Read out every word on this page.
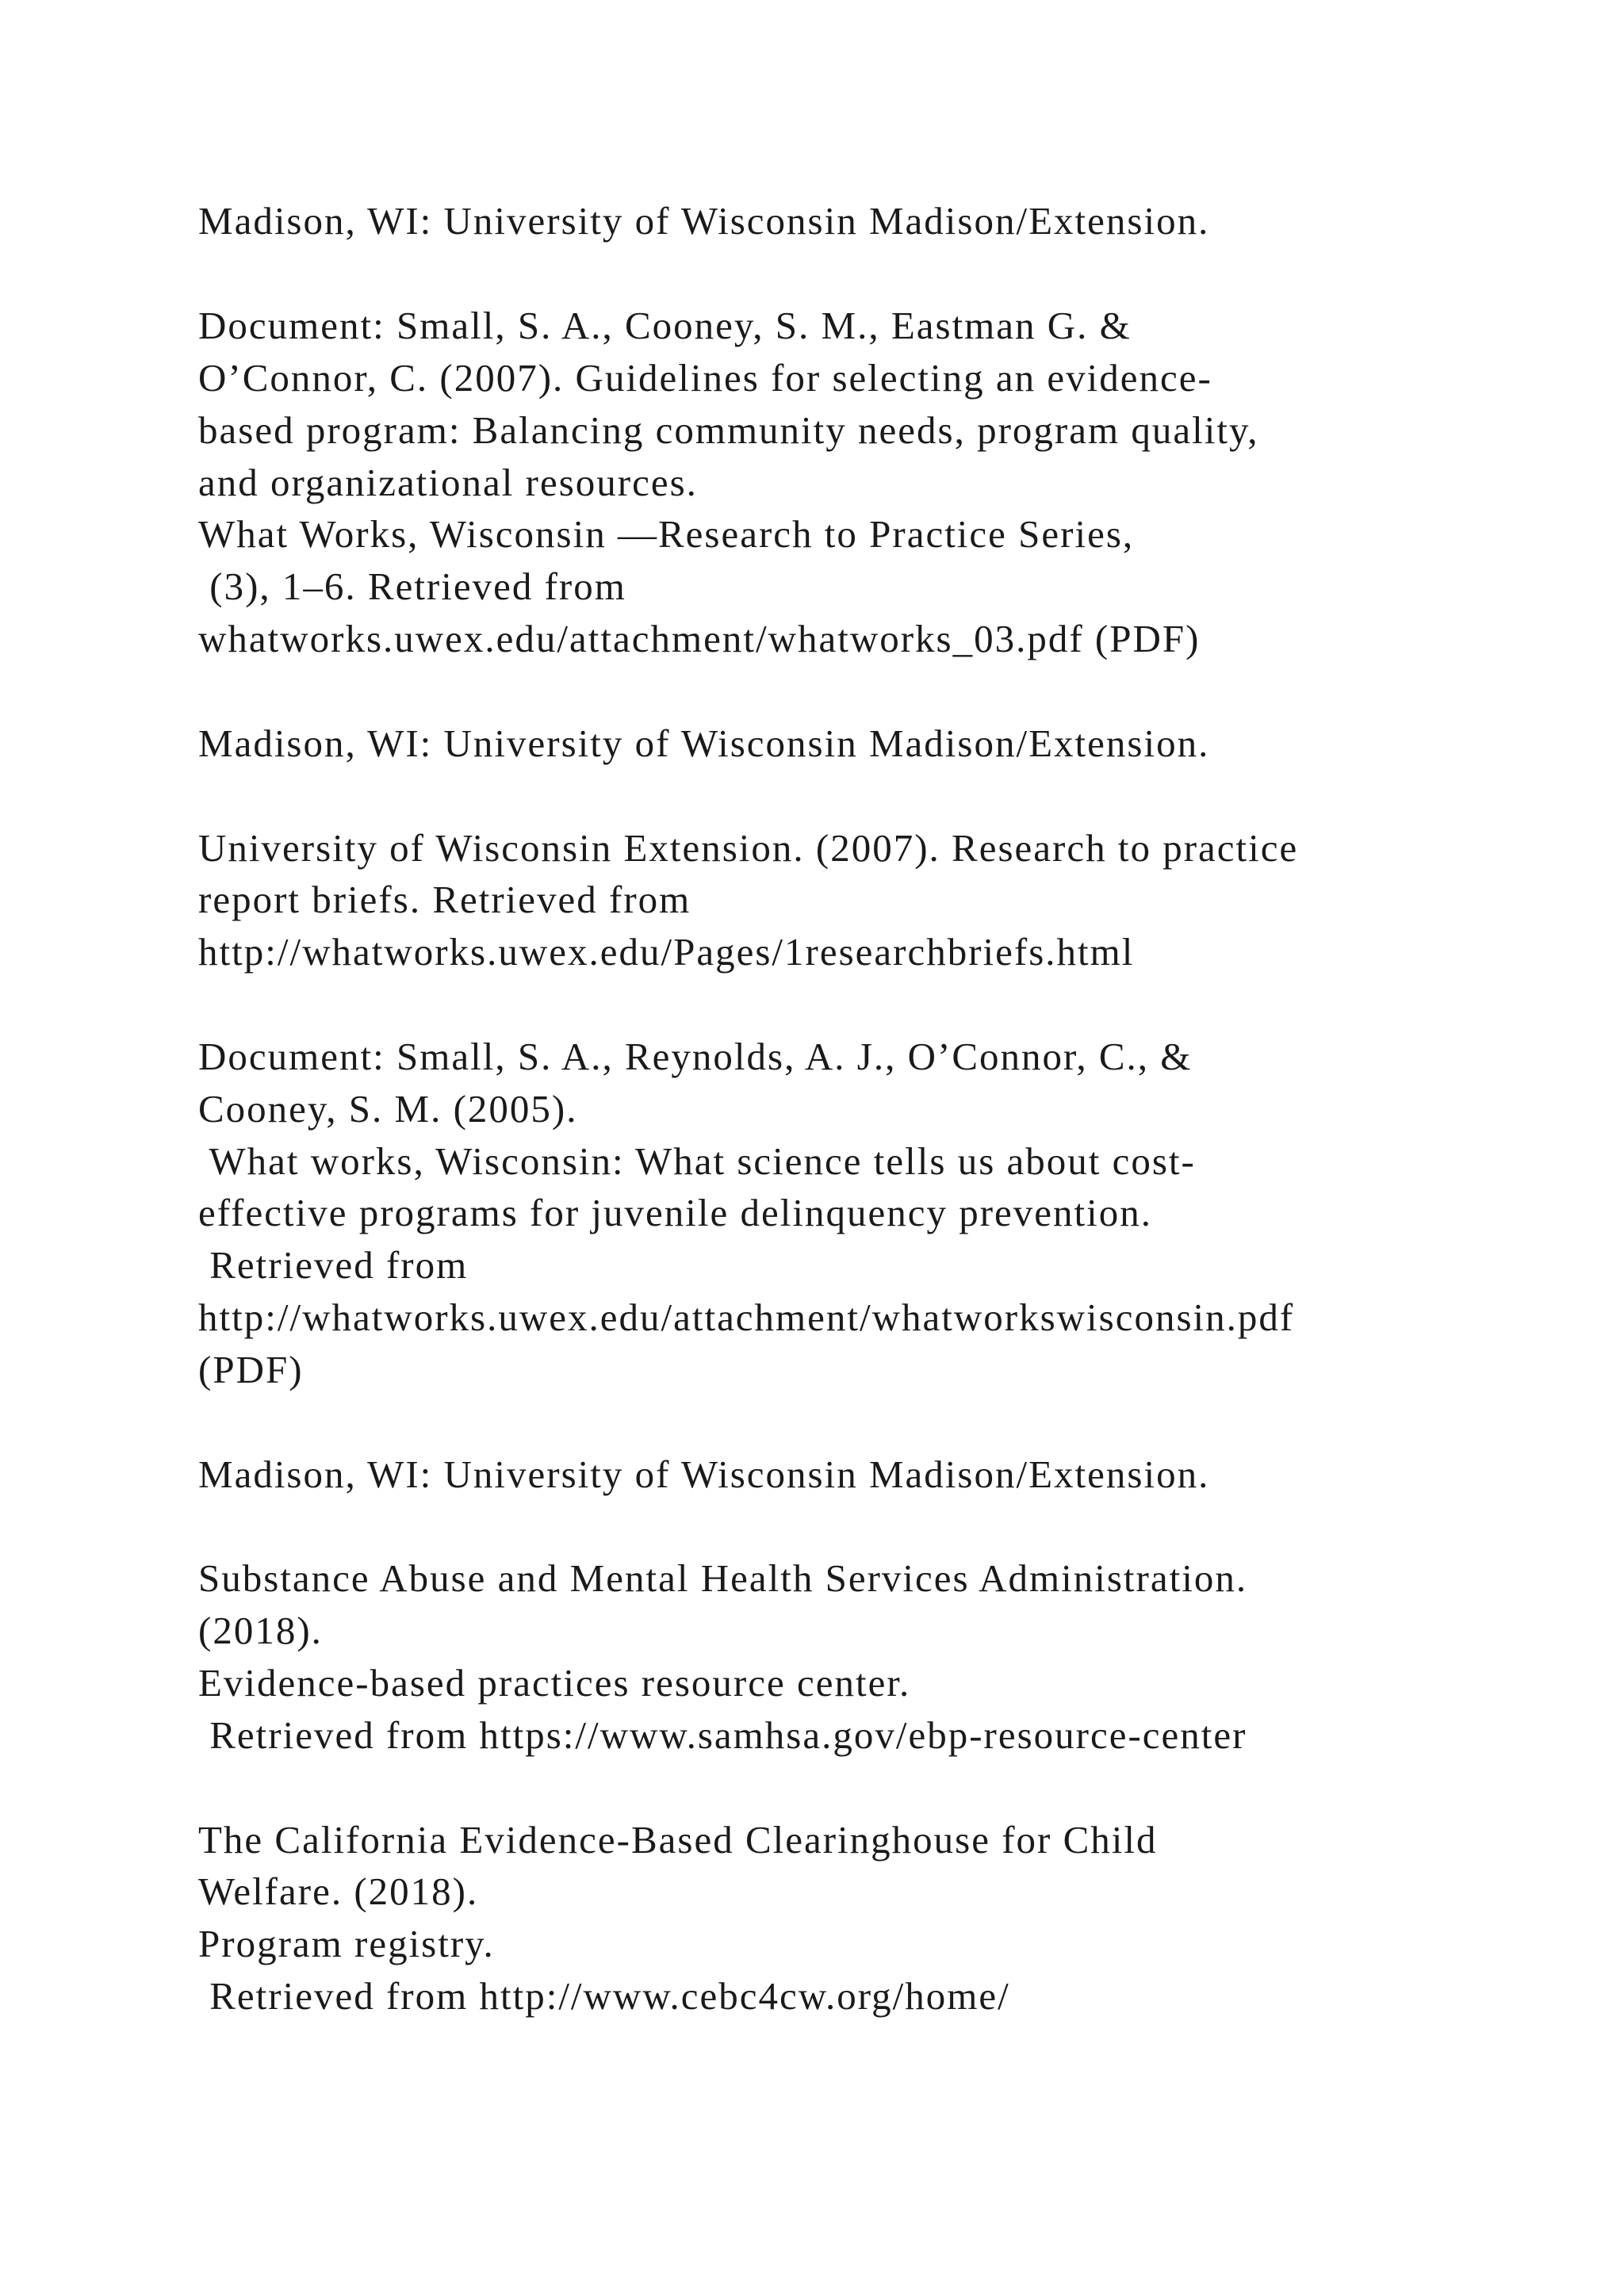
Madison, WI: University of Wisconsin Madison/Extension.

Document: Small, S. A., Cooney, S. M., Eastman G. &

O’Connor, C. (2007). Guidelines for selecting an evidence-

based program: Balancing community needs, program quality,

and organizational resources.

What Works, Wisconsin —Research to Practice Series,

(3), 1–6. Retrieved from

whatworks.uwex.edu/attachment/whatworks_03.pdf (PDF)

Madison, WI: University of Wisconsin Madison/Extension.

University of Wisconsin Extension. (2007). Research to practice

report briefs. Retrieved from

http://whatworks.uwex.edu/Pages/1researchbriefs.html

Document: Small, S. A., Reynolds, A. J., O’Connor, C., &

Cooney, S. M. (2005).

What works, Wisconsin: What science tells us about cost-

effective programs for juvenile delinquency prevention.

Retrieved from

http://whatworks.uwex.edu/attachment/whatworkswisconsin.pdf

(PDF)

Madison, WI: University of Wisconsin Madison/Extension.

Substance Abuse and Mental Health Services Administration.

(2018).

Evidence-based practices resource center.

Retrieved from https://www.samhsa.gov/ebp-resource-center

The California Evidence-Based Clearinghouse for Child

Welfare. (2018).

Program registry.

Retrieved from http://www.cebc4cw.org/home/
